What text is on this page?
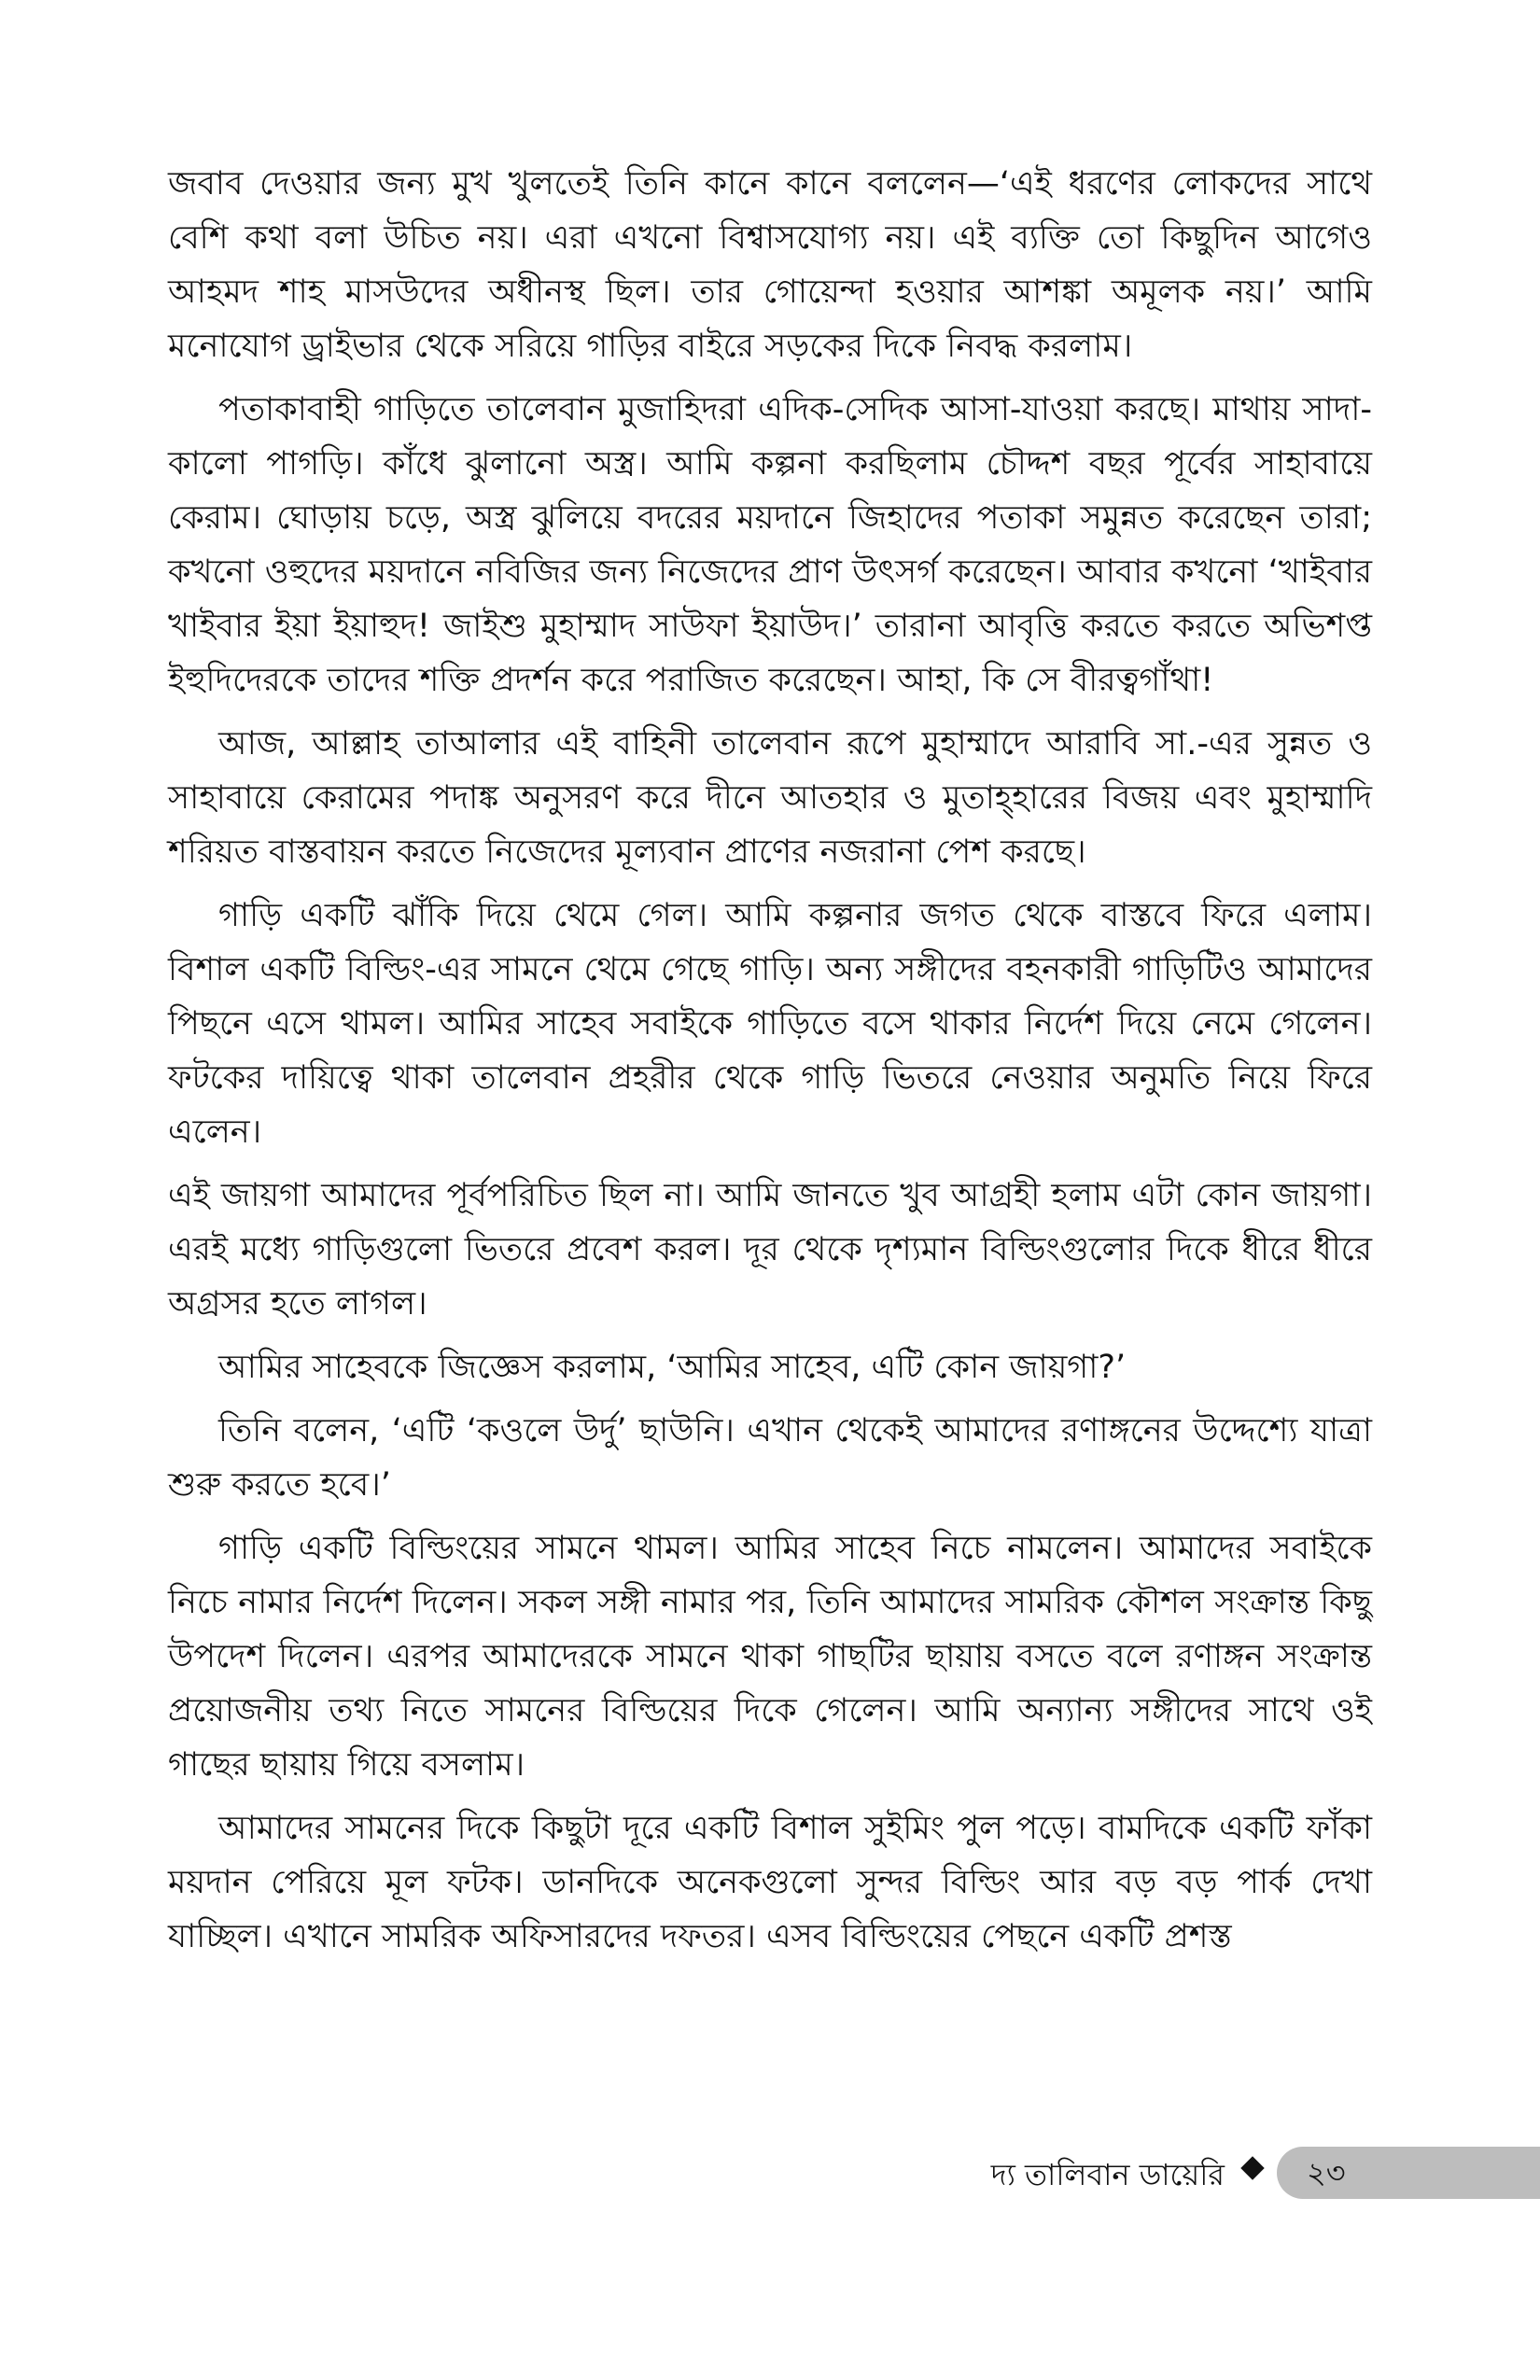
জবাব দেওয়ার জন্য মুখ খুলতেই তিনি কানে কানে বললেন—‘এই ধরণের লোকদের সাথে বেশি কথা বলা উচিত নয়। এরা এখনো বিশ্বাসযোগ্য নয়। এই ব্যক্তি তো কিছুদিন আগেও আহমদ শাহ মাসউদের অধীনস্থ ছিল। তার গোয়েন্দা হওয়ার আশঙ্কা অমূলক নয়।’ আমি মনোযোগ ড্রাইভার থেকে সরিয়ে গাড়ির বাইরে সড়কের দিকে নিবদ্ধ করলাম।

পতাকাবাহী গাড়িতে তালেবান মুজাহিদরা এদিক-সেদিক আসা-যাওয়া করছে। মাথায় সাদা-কালো পাগড়ি। কাঁধে ঝুলানো অস্ত্র। আমি কল্পনা করছিলাম চৌদ্দশ বছর পূর্বের সাহাবায়ে কেরাম। ঘোড়ায় চড়ে, অস্ত্র ঝুলিয়ে বদরের ময়দানে জিহাদের পতাকা সমুন্নত করেছেন তারা; কখনো ওহুদের ময়দানে নবিজির জন্য নিজেদের প্রাণ উৎসর্গ করেছেন। আবার কখনো ‘খাইবার খাইবার ইয়া ইয়াহুদ! জাইশু মুহাম্মাদ সাউফা ইয়াউদ।’ তারানা আবৃত্তি করতে করতে অভিশপ্ত ইহুদিদেরকে তাদের শক্তি প্রদর্শন করে পরাজিত করেছেন। আহা, কি সে বীরত্বগাঁথা!

আজ, আল্লাহ তাআলার এই বাহিনী তালেবান রূপে মুহাম্মাদে আরাবি সা.-এর সুন্নত ও সাহাবায়ে কেরামের পদাঙ্ক অনুসরণ করে দীনে আতহার ও মুতাহ্হারের বিজয় এবং মুহাম্মাদি শরিয়ত বাস্তবায়ন করতে নিজেদের মূল্যবান প্রাণের নজরানা পেশ করছে।

গাড়ি একটি ঝাঁকি দিয়ে থেমে গেল। আমি কল্পনার জগত থেকে বাস্তবে ফিরে এলাম। বিশাল একটি বিল্ডিং-এর সামনে থেমে গেছে গাড়ি। অন্য সঙ্গীদের বহনকারী গাড়িটিও আমাদের পিছনে এসে থামল। আমির সাহেব সবাইকে গাড়িতে বসে থাকার নির্দেশ দিয়ে নেমে গেলেন। ফটকের দায়িত্বে থাকা তালেবান প্রহরীর থেকে গাড়ি ভিতরে নেওয়ার অনুমতি নিয়ে ফিরে এলেন।

এই জায়গা আমাদের পূর্বপরিচিত ছিল না। আমি জানতে খুব আগ্রহী হলাম এটা কোন জায়গা। এরই মধ্যে গাড়িগুলো ভিতরে প্রবেশ করল। দূর থেকে দৃশ্যমান বিল্ডিংগুলোর দিকে ধীরে ধীরে অগ্রসর হতে লাগল।

আমির সাহেবকে জিজ্ঞেস করলাম, ‘আমির সাহেব, এটি কোন জায়গা?’

তিনি বলেন, ‘এটি ‘কওলে উর্দু’ ছাউনি। এখান থেকেই আমাদের রণাঙ্গনের উদ্দেশ্যে যাত্রা শুরু করতে হবে।’

গাড়ি একটি বিল্ডিংয়ের সামনে থামল। আমির সাহেব নিচে নামলেন। আমাদের সবাইকে নিচে নামার নির্দেশ দিলেন। সকল সঙ্গী নামার পর, তিনি আমাদের সামরিক কৌশল সংক্রান্ত কিছু উপদেশ দিলেন। এরপর আমাদেরকে সামনে থাকা গাছটির ছায়ায় বসতে বলে রণাঙ্গন সংক্রান্ত প্রয়োজনীয় তথ্য নিতে সামনের বিল্ডিয়ের দিকে গেলেন। আমি অন্যান্য সঙ্গীদের সাথে ওই গাছের ছায়ায় গিয়ে বসলাম।

আমাদের সামনের দিকে কিছুটা দূরে একটি বিশাল সুইমিং পুল পড়ে। বামদিকে একটি ফাঁকা ময়দান পেরিয়ে মূল ফটক। ডানদিকে অনেকগুলো সুন্দর বিল্ডিং আর বড় বড় পার্ক দেখা যাচ্ছিল। এখানে সামরিক অফিসারদের দফতর। এসব বিল্ডিংয়ের পেছনে একটি প্রশস্ত

দ্য তালিবান ডায়েরি	২৩
